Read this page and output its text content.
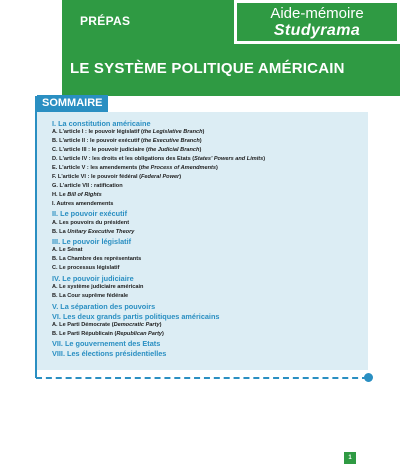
PRÉPAS	Aide-mémoire
Studyrama
LE SYSTÈME POLITIQUE AMÉRICAIN
SOMMAIRE
I. La constitution américaine
A. L'article I : le pouvoir législatif (the Legislative Branch)
B. L'article II : le pouvoir exécutif (the Executive Branch)
C. L'article III : le pouvoir judiciaire (the Judicial Branch)
D. L'article IV : les droits et les obligations des Etats (States' Powers and Limits)
E. L'article V : les amendements (the Process of Amendments)
F. L'article VI : le pouvoir fédéral (Federal Power)
G. L'article VII : ratification
H. Le Bill of Rights
I. Autres amendements
II. Le pouvoir exécutif
A. Les pouvoirs du président
B. La Unitary Executive Theory
III. Le pouvoir législatif
A. Le Sénat
B. La Chambre des représentants
C. Le processus législatif
IV. Le pouvoir judiciaire
A. Le système judiciaire américain
B. La Cour suprême fédérale
V. La séparation des pouvoirs
VI. Les deux grands partis politiques américains
A. Le Parti Démocrate (Democratic Party)
B. Le Parti Républicain (Republican Party)
VII. Le gouvernement des Etats
VIII. Les élections présidentielles
1
